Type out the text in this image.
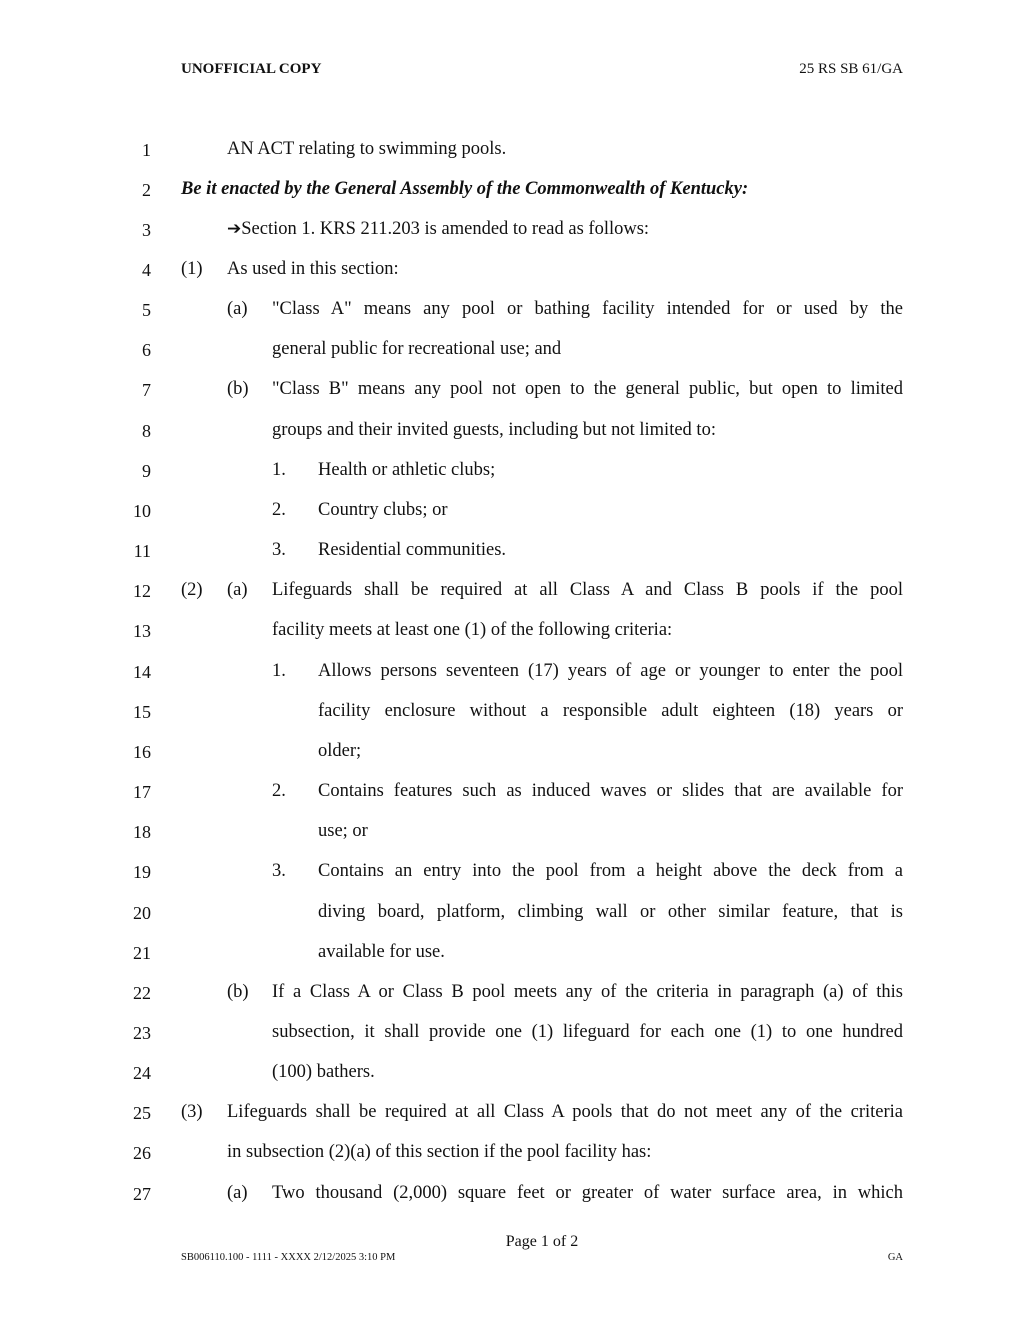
UNOFFICIAL COPY	25 RS SB 61/GA
1	AN ACT relating to swimming pools.
2 Be it enacted by the General Assembly of the Commonwealth of Kentucky:
3	➔Section 1. KRS 211.203 is amended to read as follows:
4 (1) As used in this section:
5	(a) "Class A" means any pool or bathing facility intended for or used by the
6	general public for recreational use; and
7	(b) "Class B" means any pool not open to the general public, but open to limited
8	groups and their invited guests, including but not limited to:
9	1. Health or athletic clubs;
10	2. Country clubs; or
11	3. Residential communities.
12 (2) (a) Lifeguards shall be required at all Class A and Class B pools if the pool
13	facility meets at least one (1) of the following criteria:
14	1. Allows persons seventeen (17) years of age or younger to enter the pool
15	facility enclosure without a responsible adult eighteen (18) years or
16	older;
17	2. Contains features such as induced waves or slides that are available for
18	use; or
19	3. Contains an entry into the pool from a height above the deck from a
20	diving board, platform, climbing wall or other similar feature, that is
21	available for use.
22	(b) If a Class A or Class B pool meets any of the criteria in paragraph (a) of this
23	subsection, it shall provide one (1) lifeguard for each one (1) to one hundred
24	(100) bathers.
25 (3) Lifeguards shall be required at all Class A pools that do not meet any of the criteria
26	in subsection (2)(a) of this section if the pool facility has:
27	(a) Two thousand (2,000) square feet or greater of water surface area, in which
Page 1 of 2
SB006110.100 - 1111 - XXXX 2/12/2025 3:10 PM	GA
